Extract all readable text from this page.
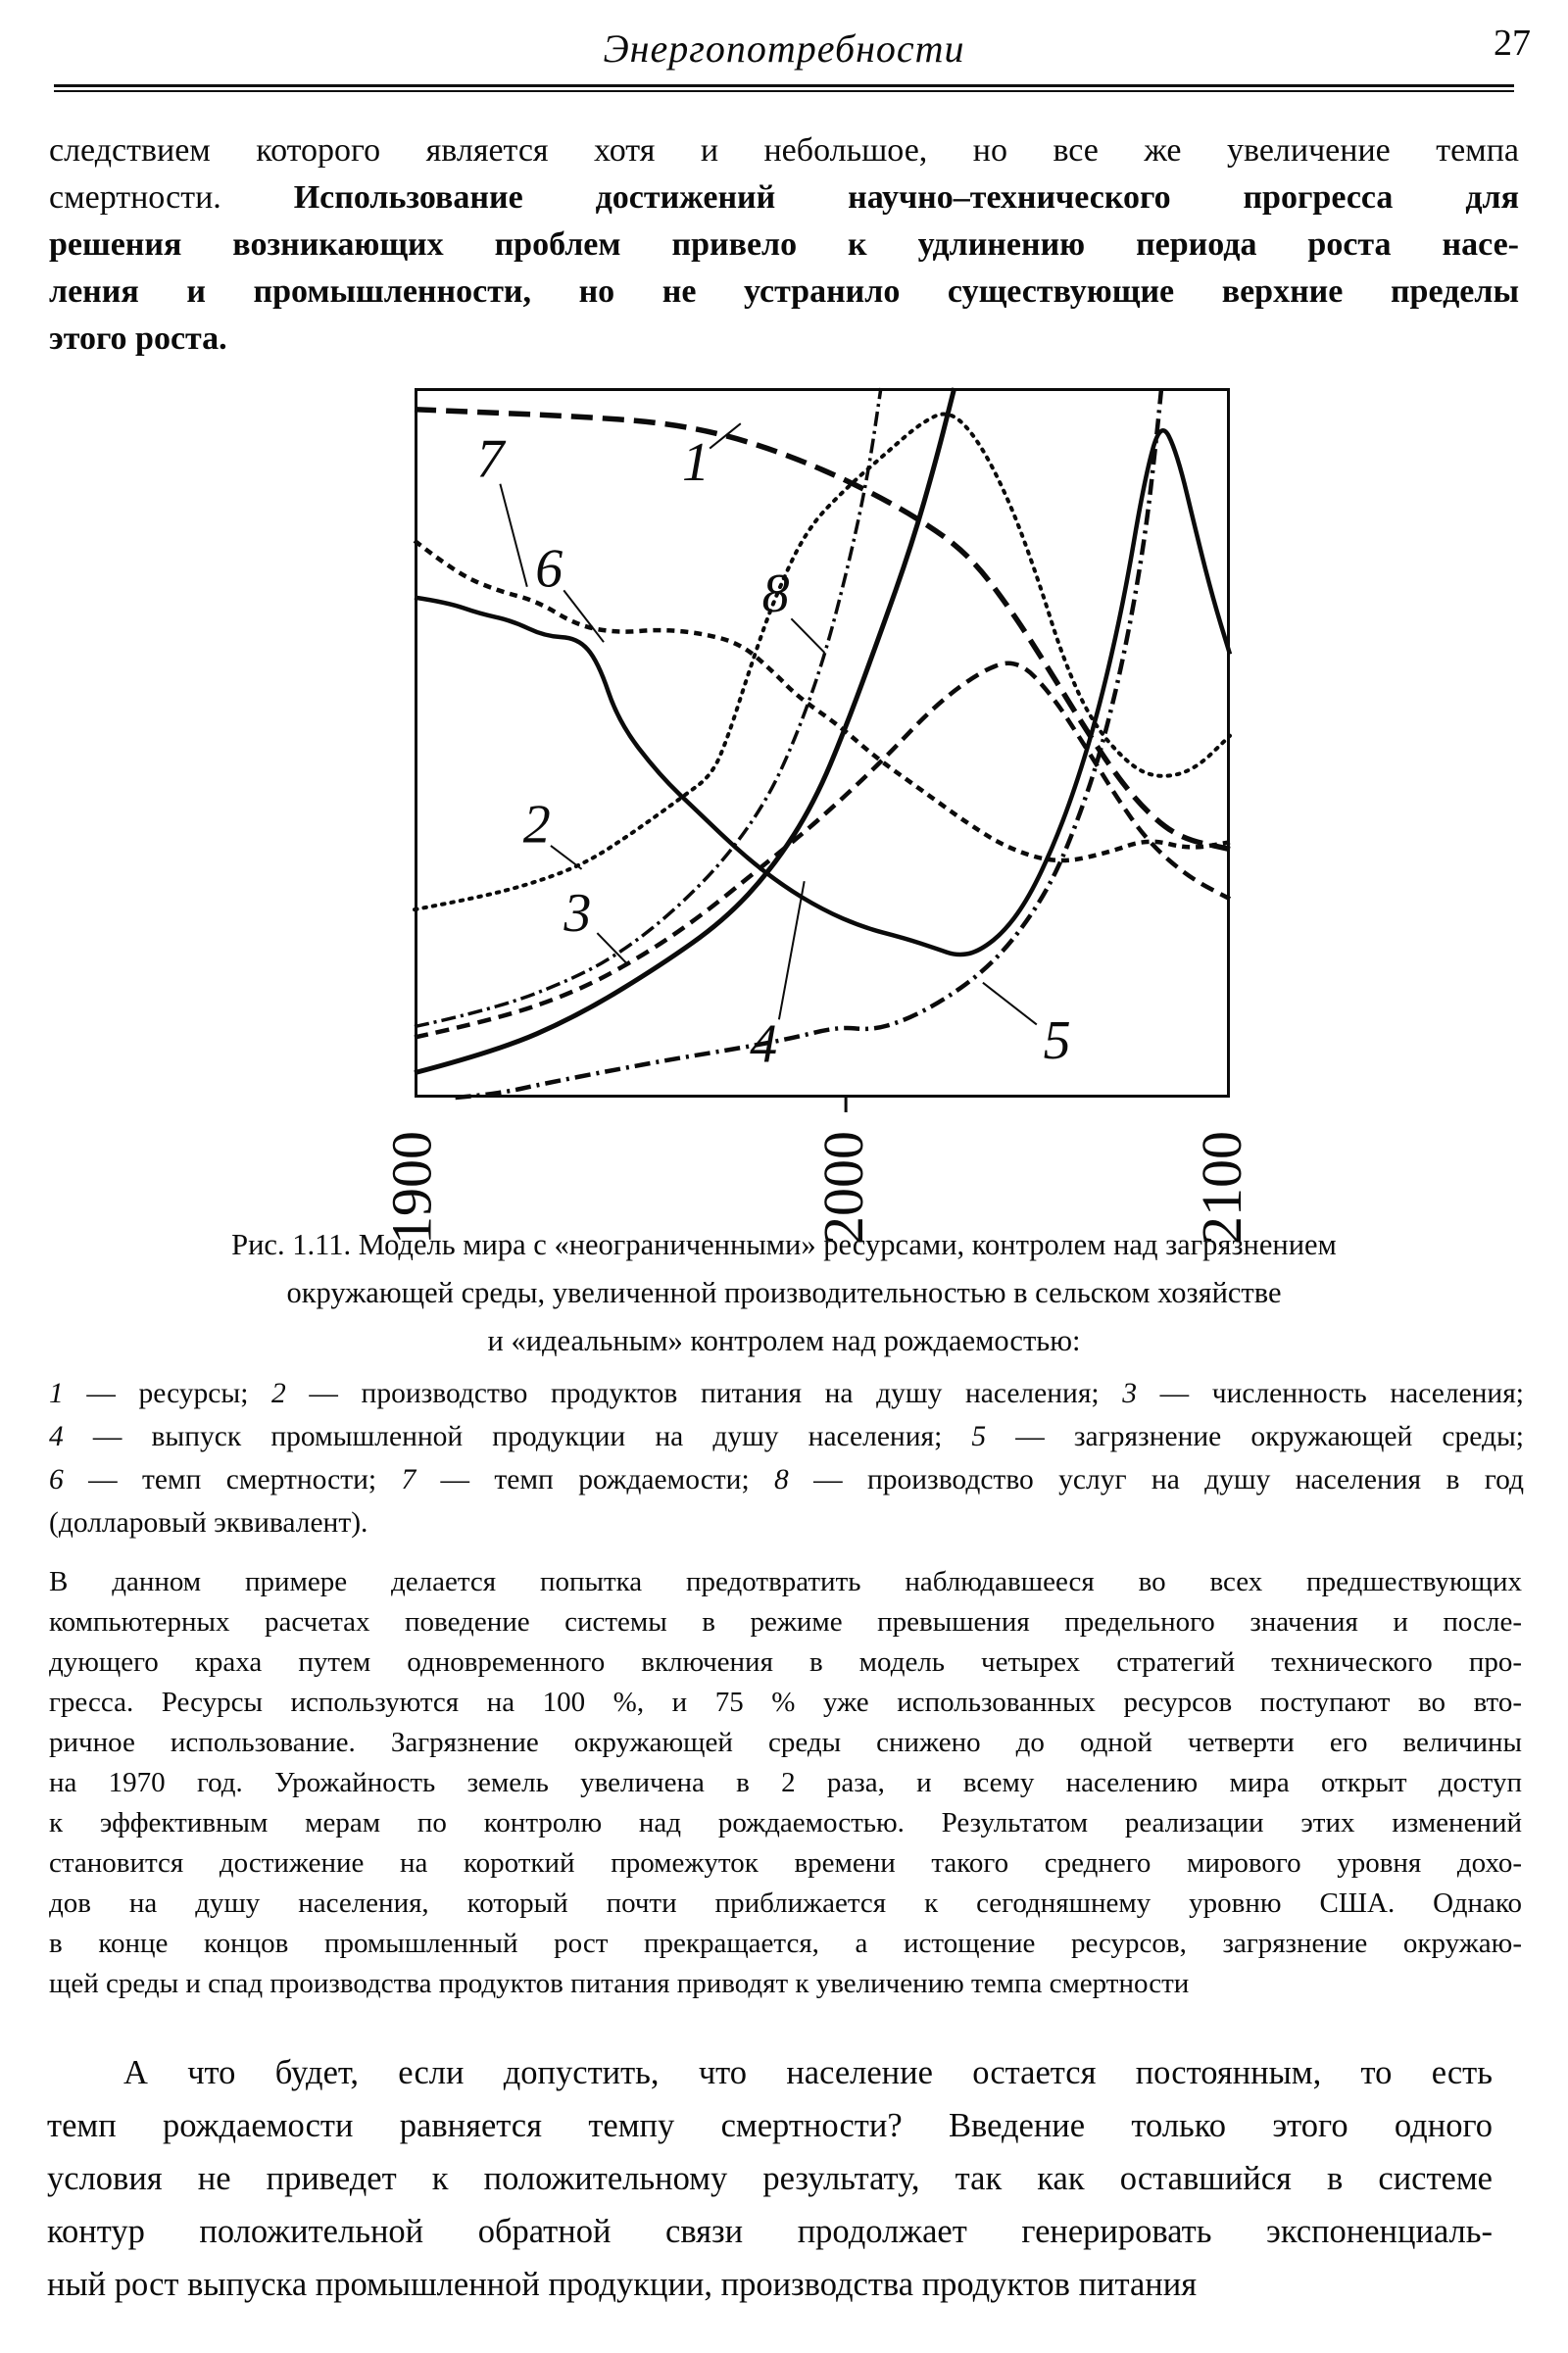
Энергопотребности	27
следствием которого является хотя и небольшое, но все же увеличение темпа
смертности. Использование достижений научно–технического прогресса для
решения возникающих проблем привело к удлинению периода роста насе-
ления и промышленности, но не устранило существующие верхние пределы
этого роста.
7	1
6	8
2
3
4	5
1900	2000	2100
Рис. 1.11. Модель мира с «неограниченными» ресурсами, контролем над загрязнением
окружающей среды, увеличенной производительностью в сельском хозяйстве
и «идеальным» контролем над рождаемостью:
1 — ресурсы; 2 — производство продуктов питания на душу населения; 3 — численность населения;
4 — выпуск промышленной продукции на душу населения; 5 — загрязнение окружающей среды;
6 — темп смертности; 7 — темп рождаемости; 8 — производство услуг на душу населения в год
(долларовый эквивалент).
В данном примере делается попытка предотвратить наблюдавшееся во всех предшествующих
компьютерных расчетах поведение системы в режиме превышения предельного значения и после-
дующего краха путем одновременного включения в модель четырех стратегий технического про-
гресса. Ресурсы используются на 100 %, и 75 % уже использованных ресурсов поступают во вто-
ричное использование. Загрязнение окружающей среды снижено до одной четверти его величины
на 1970 год. Урожайность земель увеличена в 2 раза, и всему населению мира открыт доступ
к эффективным мерам по контролю над рождаемостью. Результатом реализации этих изменений
становится достижение на короткий промежуток времени такого среднего мирового уровня дохо-
дов на душу населения, который почти приближается к сегодняшнему уровню США. Однако
в конце концов промышленный рост прекращается, а истощение ресурсов, загрязнение окружаю-
щей среды и спад производства продуктов питания приводят к увеличению темпа смертности
А что будет, если допустить, что население остается постоянным, то есть
темп рождаемости равняется темпу смертности? Введение только этого одного
условия не приведет к положительному результату, так как оставшийся в системе
контур положительной обратной связи продолжает генерировать экспоненциаль-
ный рост выпуска промышленной продукции, производства продуктов питания
